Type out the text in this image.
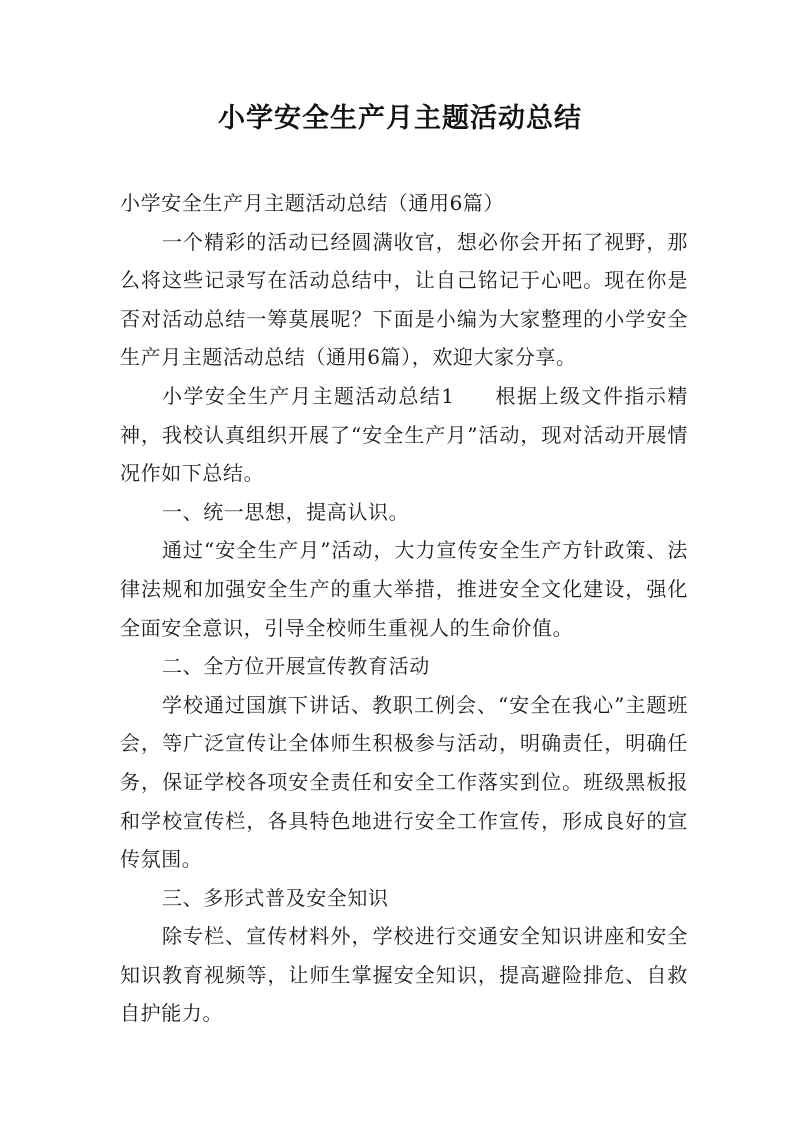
小学安全生产月主题活动总结

小学安全生产月主题活动总结（通用6篇）

一个精彩的活动已经圆满收官，想必你会开拓了视野，那么将这些记录写在活动总结中，让自己铭记于心吧。现在你是否对活动总结一筹莫展呢？下面是小编为大家整理的小学安全生产月主题活动总结（通用6篇），欢迎大家分享。

小学安全生产月主题活动总结1 根据上级文件指示精神，我校认真组织开展了“安全生产月”活动，现对活动开展情况作如下总结。

一、统一思想，提高认识。

通过“安全生产月”活动，大力宣传安全生产方针政策、法律法规和加强安全生产的重大举措，推进安全文化建设，强化全面安全意识，引导全校师生重视人的生命价值。

二、全方位开展宣传教育活动

学校通过国旗下讲话、教职工例会、“安全在我心”主题班会，等广泛宣传让全体师生积极参与活动，明确责任，明确任务，保证学校各项安全责任和安全工作落实到位。班级黑板报和学校宣传栏，各具特色地进行安全工作宣传，形成良好的宣传氛围。

三、多形式普及安全知识

除专栏、宣传材料外，学校进行交通安全知识讲座和安全知识教育视频等，让师生掌握安全知识，提高避险排危、自救自护能力。
